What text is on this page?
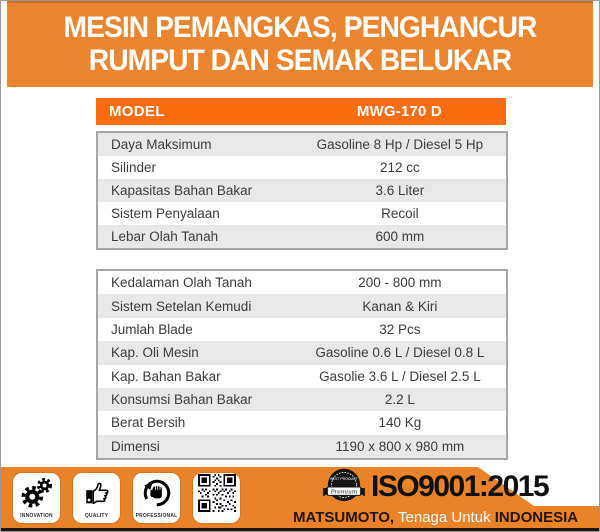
MESIN PEMANGKAS, PENGHANCUR
RUMPUT DAN SEMAK BELUKAR
MODEL	MWG-170 D
Daya Maksimum	Gasoline 8 Hp / Diesel 5 Hp
Silinder	212 cc
Kapasitas Bahan Bakar	3.6 Liter
Sistem Penyalaan	Recoil
Lebar Olah Tanah	600 mm
Kedalaman Olah Tanah	200 - 800 mm
Sistem Setelan Kemudi	Kanan & Kiri
Jumlah Blade	32 Pcs
Kap. Oli Mesin	Gasoline 0.6 L / Diesel 0.8 L
Kap. Bahan Bakar	Gasolie 3.6 L / Diesel 2.5 L
Konsumsi Bahan Bakar	2.2 L
Berat Bersih	140 Kg
Dimensi	1190 x 800 x 980 mm
INNOVATION	QUALITY	PROFESSIONAL
BEST PRODUCT
Premium ISO9001:2015
MATSUMOTO, Tenaga Untuk INDONESIA
